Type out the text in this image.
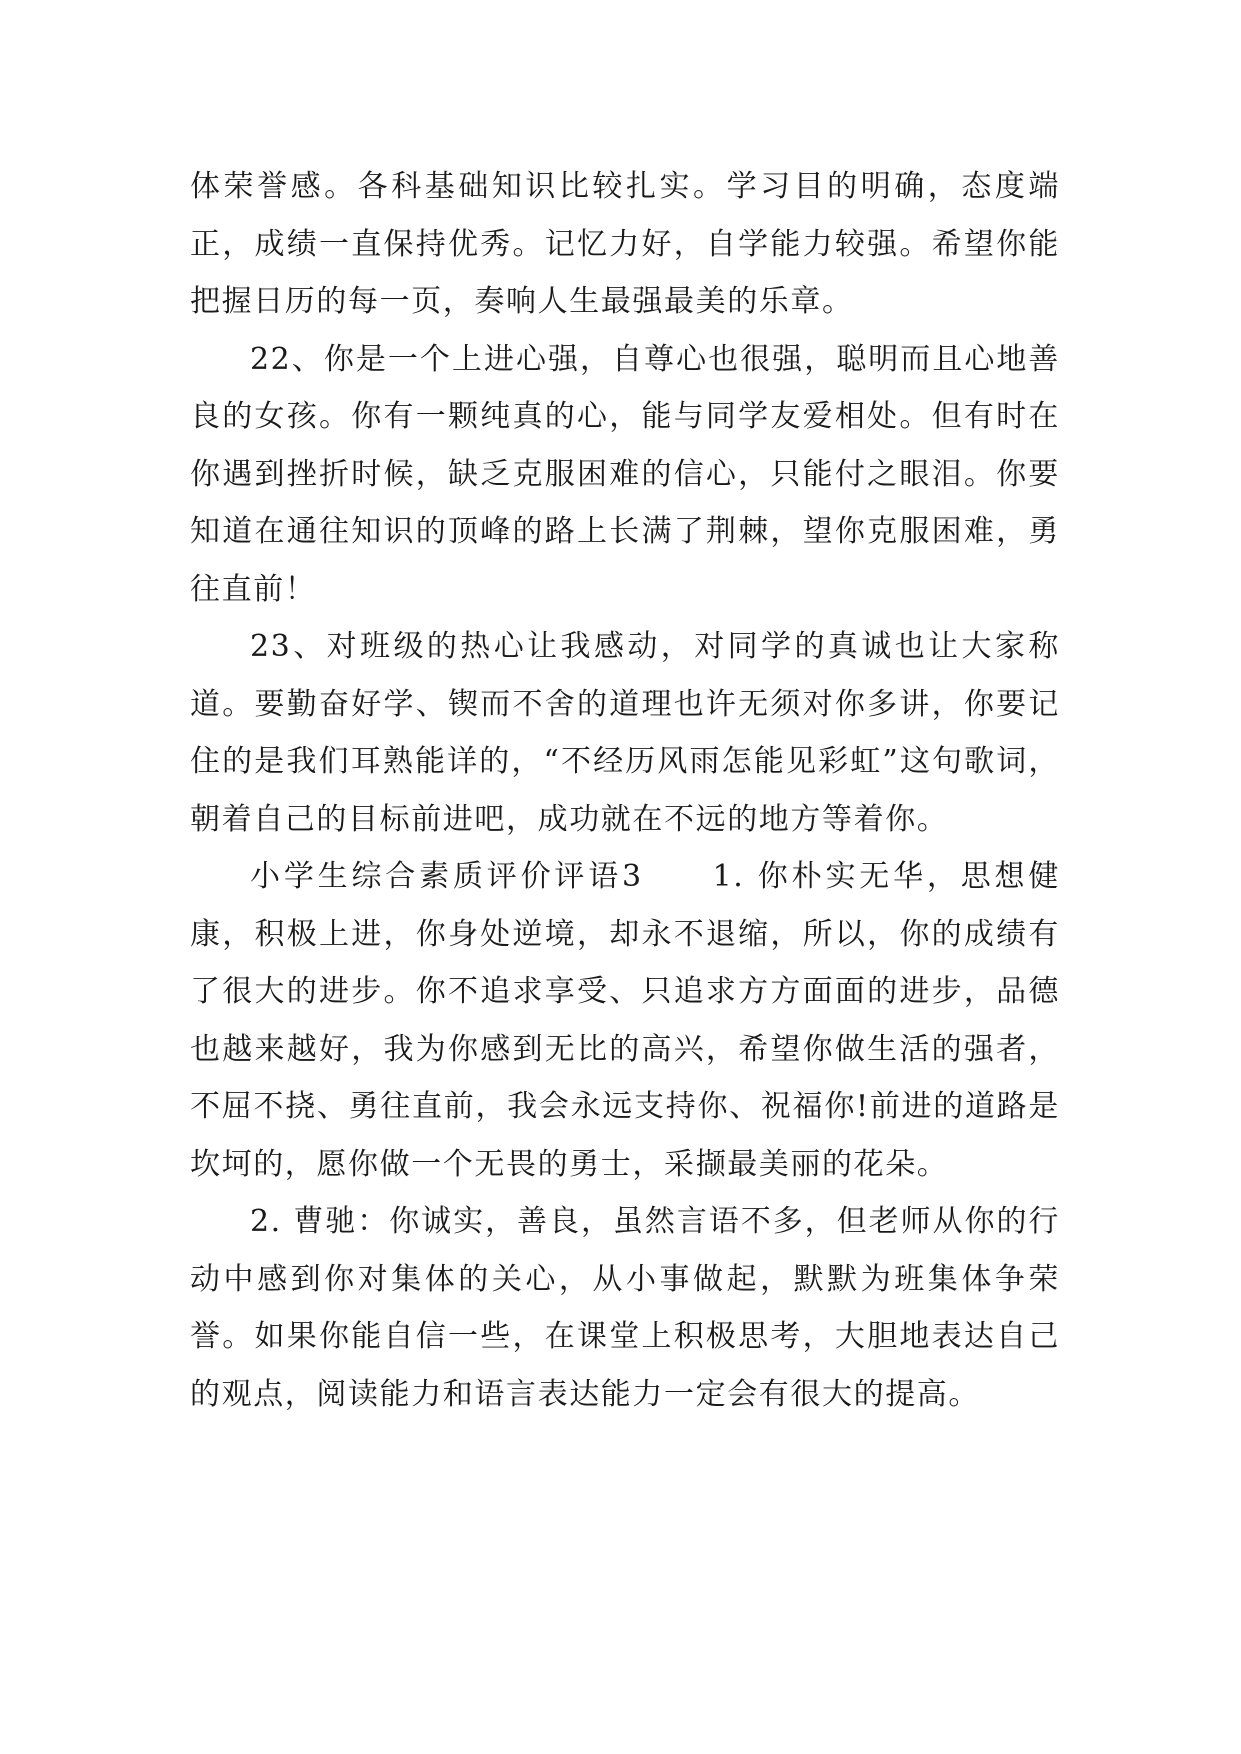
体荣誉感。各科基础知识比较扎实。学习目的明确，态度端正，成绩一直保持优秀。记忆力好，自学能力较强。希望你能把握日历的每一页，奏响人生最强最美的乐章。

22、你是一个上进心强，自尊心也很强，聪明而且心地善良的女孩。你有一颗纯真的心，能与同学友爱相处。但有时在你遇到挫折时候，缺乏克服困难的信心，只能付之眼泪。你要知道在通往知识的顶峰的路上长满了荆棘，望你克服困难，勇往直前！

23、对班级的热心让我感动，对同学的真诚也让大家称道。要勤奋好学、锲而不舍的道理也许无须对你多讲，你要记住的是我们耳熟能详的，“不经历风雨怎能见彩虹”这句歌词，朝着自己的目标前进吧，成功就在不远的地方等着你。

小学生综合素质评价评语3　　1. 你朴实无华，思想健康，积极上进，你身处逆境，却永不退缩，所以，你的成绩有了很大的进步。你不追求享受、只追求方方面面的进步，品德也越来越好，我为你感到无比的高兴，希望你做生活的强者，不屈不挠、勇往直前，我会永远支持你、祝福你!前进的道路是坎坷的，愿你做一个无畏的勇士，采撷最美丽的花朵。

2. 曹驰：你诚实，善良，虽然言语不多，但老师从你的行动中感到你对集体的关心，从小事做起，默默为班集体争荣誉。如果你能自信一些，在课堂上积极思考，大胆地表达自己的观点，阅读能力和语言表达能力一定会有很大的提高。
